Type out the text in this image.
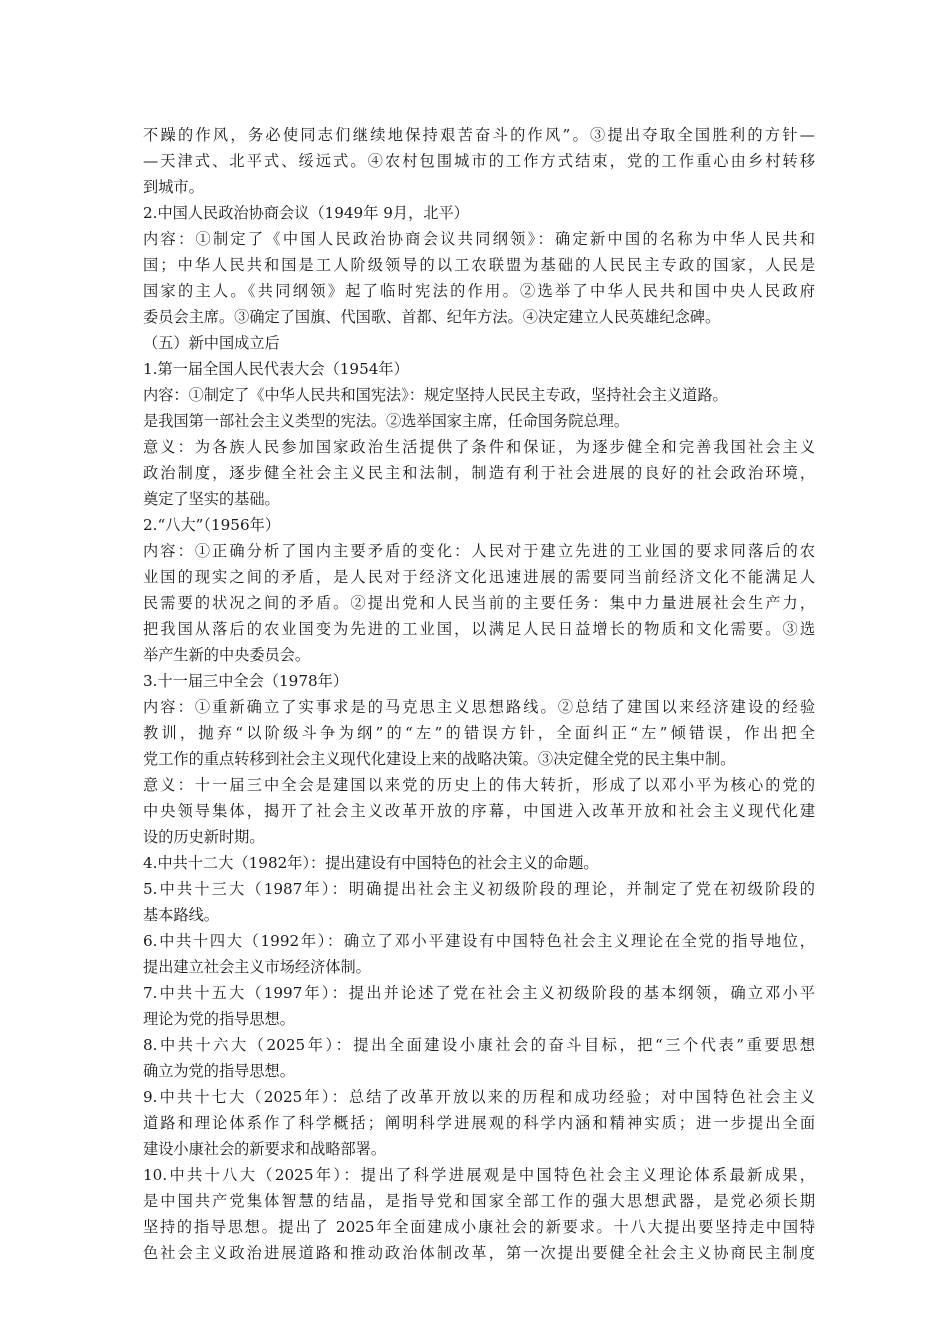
不躁的作风，务必使同志们继续地保持艰苦奋斗的作风”。③提出夺取全国胜利的方针—
—天津式、北平式、绥远式。④农村包围城市的工作方式结束，党的工作重心由乡村转移
到城市。
2.中国人民政治协商会议（1949年 9月，北平）
内容：①制定了《中国人民政治协商会议共同纲领》：确定新中国的名称为中华人民共和
国；中华人民共和国是工人阶级领导的以工农联盟为基础的人民民主专政的国家，人民是
国家的主人。《共同纲领》起了临时宪法的作用。②选举了中华人民共和国中央人民政府
委员会主席。③确定了国旗、代国歌、首都、纪年方法。④决定建立人民英雄纪念碑。
（五）新中国成立后
1.第一届全国人民代表大会（1954年）
内容：①制定了《中华人民共和国宪法》：规定坚持人民民主专政，坚持社会主义道路。
是我国第一部社会主义类型的宪法。②选举国家主席，任命国务院总理。
意义：为各族人民参加国家政治生活提供了条件和保证，为逐步健全和完善我国社会主义
政治制度，逐步健全社会主义民主和法制，制造有利于社会进展的良好的社会政治环境，
奠定了坚实的基础。
2.“八大”（1956年）
内容：①正确分析了国内主要矛盾的变化：人民对于建立先进的工业国的要求同落后的农
业国的现实之间的矛盾，是人民对于经济文化迅速进展的需要同当前经济文化不能满足人
民需要的状况之间的矛盾。②提出党和人民当前的主要任务：集中力量进展社会生产力，
把我国从落后的农业国变为先进的工业国，以满足人民日益增长的物质和文化需要。③选
举产生新的中央委员会。
3.十一届三中全会（1978年）
内容：①重新确立了实事求是的马克思主义思想路线。②总结了建国以来经济建设的经验
教训，抛弃“以阶级斗争为纲”的“左”的错误方针，全面纠正“左”倾错误，作出把全
党工作的重点转移到社会主义现代化建设上来的战略决策。③决定健全党的民主集中制。
意义：十一届三中全会是建国以来党的历史上的伟大转折，形成了以邓小平为核心的党的
中央领导集体，揭开了社会主义改革开放的序幕，中国进入改革开放和社会主义现代化建
设的历史新时期。
4.中共十二大（1982年）：提出建设有中国特色的社会主义的命题。
5.中共十三大（1987年）：明确提出社会主义初级阶段的理论，并制定了党在初级阶段的
基本路线。
6.中共十四大（1992年）：确立了邓小平建设有中国特色社会主义理论在全党的指导地位，
提出建立社会主义市场经济体制。
7.中共十五大（1997年）：提出并论述了党在社会主义初级阶段的基本纲领，确立邓小平
理论为党的指导思想。
8.中共十六大（2025年）：提出全面建设小康社会的奋斗目标，把“三个代表”重要思想
确立为党的指导思想。
9.中共十七大（2025年）：总结了改革开放以来的历程和成功经验；对中国特色社会主义
道路和理论体系作了科学概括；阐明科学进展观的科学内涵和精神实质；进一步提出全面
建设小康社会的新要求和战略部署。
10.中共十八大（2025年）：提出了科学进展观是中国特色社会主义理论体系最新成果，
是中国共产党集体智慧的结晶，是指导党和国家全部工作的强大思想武器，是党必须长期
坚持的指导思想。提出了 2025年全面建成小康社会的新要求。十八大提出要坚持走中国特
色社会主义政治进展道路和推动政治体制改革，第一次提出要健全社会主义协商民主制度
